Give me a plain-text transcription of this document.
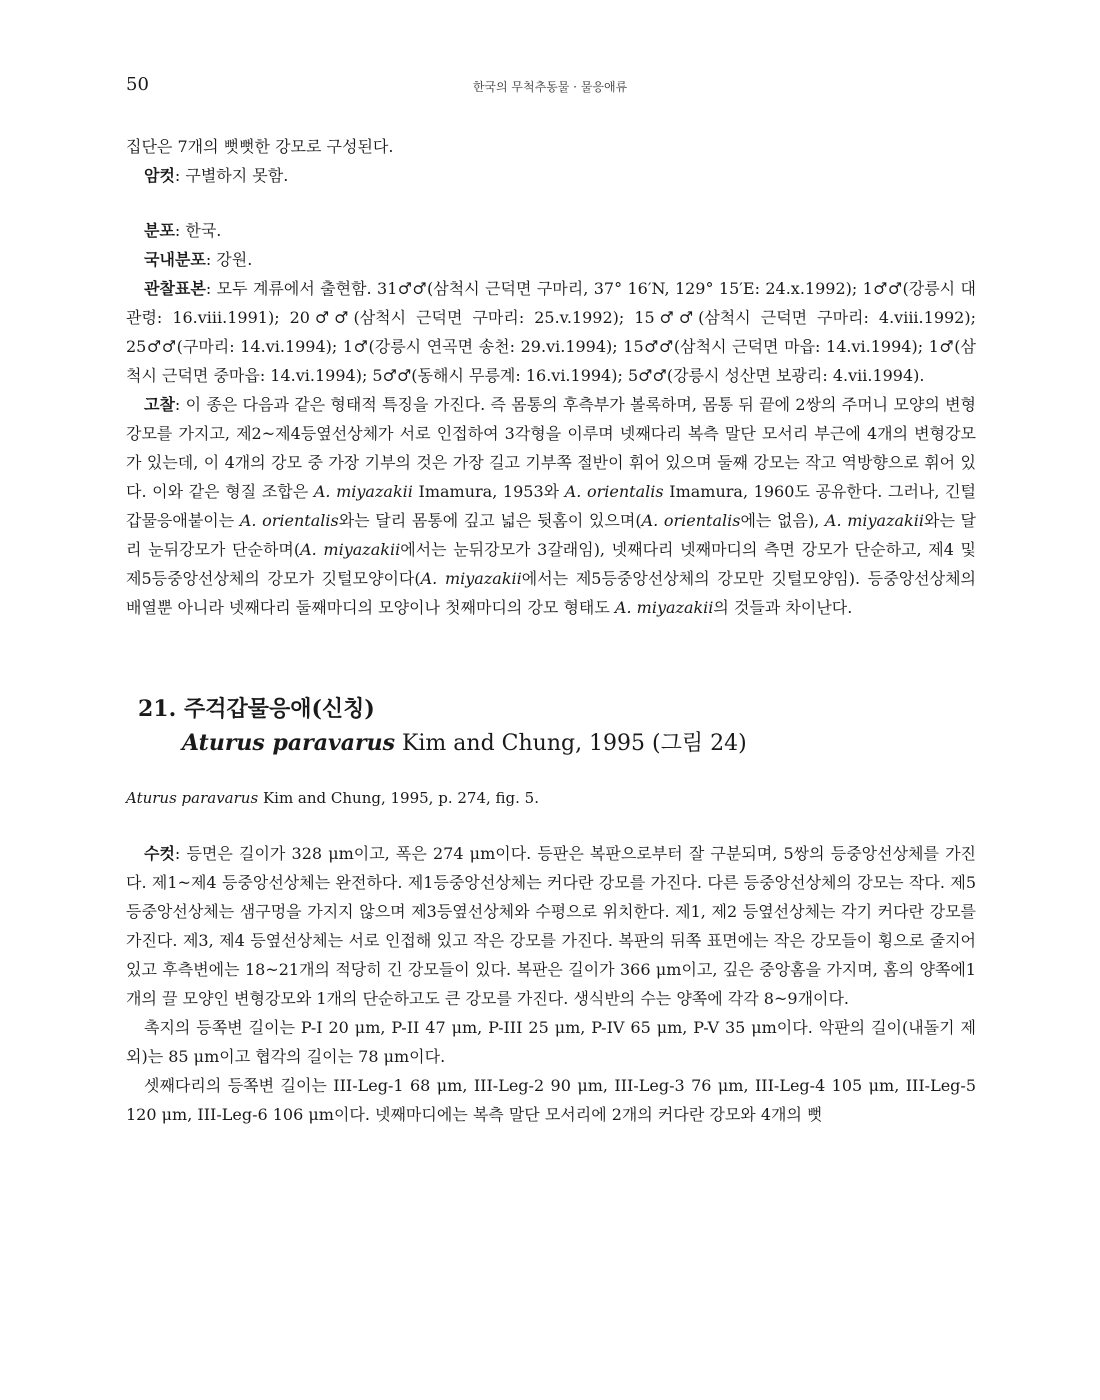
50	한국의 무척추동물 · 물응애류

집단은 7개의 뻣뻣한 강모로 구성된다.

암컷: 구별하지 못함.

분포: 한국.

국내분포: 강원.

관찰표본: 모두 계류에서 출현함. 31♂♂(삼척시 근덕면 구마리, 37° 16′N, 129° 15′E: 24.x.1992); 1♂♂(강릉시 대관령: 16.viii.1991); 20♂♂(삼척시 근덕면 구마리: 25.v.1992); 15♂♂(삼척시 근덕면 구마리: 4.viii.1992); 25♂♂(구마리: 14.vi.1994); 1♂(강릉시 연곡면 송천: 29.vi.1994); 15♂♂(삼척시 근덕면 마읍: 14.vi.1994); 1♂(삼척시 근덕면 중마읍: 14.vi.1994); 5♂♂(동해시 무릉계: 16.vi.1994); 5♂♂(강릉시 성산면 보광리: 4.vii.1994).

고찰: 이 종은 다음과 같은 형태적 특징을 가진다. 즉 몸통의 후측부가 볼록하며, 몸통 뒤 끝에 2쌍의 주머니 모양의 변형강모를 가지고, 제2~제4등옆선상체가 서로 인접하여 3각형을 이루며 넷째다리 복측 말단 모서리 부근에 4개의 변형강모가 있는데, 이 4개의 강모 중 가장 기부의 것은 가장 길고 기부쪽 절반이 휘어 있으며 둘째 강모는 작고 역방향으로 휘어 있다. 이와 같은 형질 조합은 A. miyazakii Imamura, 1953와 A. orientalis Imamura, 1960도 공유한다. 그러나, 긴털갑물응애붙이는 A. orientalis와는 달리 몸통에 깊고 넓은 뒷홈이 있으며(A. orientalis에는 없음), A. miyazakii와는 달리 눈뒤강모가 단순하며(A. miyazakii에서는 눈뒤강모가 3갈래임), 넷째다리 넷째마디의 측면 강모가 단순하고, 제4 및 제5등중앙선상체의 강모가 깃털모양이다(A. miyazakii에서는 제5등중앙선상체의 강모만 깃털모양임). 등중앙선상체의 배열뿐 아니라 넷째다리 둘째마디의 모양이나 첫째마디의 강모 형태도 A. miyazakii의 것들과 차이난다.

21. 주걱갑물응애(신칭)
Aturus paravarus Kim and Chung, 1995 (그림 24)

Aturus paravarus Kim and Chung, 1995, p. 274, fig. 5.

수컷: 등면은 길이가 328 μm이고, 폭은 274 μm이다. 등판은 복판으로부터 잘 구분되며, 5쌍의 등중앙선상체를 가진다. 제1~제4 등중앙선상체는 완전하다. 제1등중앙선상체는 커다란 강모를 가진다. 다른 등중앙선상체의 강모는 작다. 제5 등중앙선상체는 샘구멍을 가지지 않으며 제3등옆선상체와 수평으로 위치한다. 제1, 제2 등옆선상체는 각기 커다란 강모를 가진다. 제3, 제4 등옆선상체는 서로 인접해 있고 작은 강모를 가진다. 복판의 뒤쪽 표면에는 작은 강모들이 횡으로 줄지어 있고 후측변에는 18~21개의 적당히 긴 강모들이 있다. 복판은 길이가 366 μm이고, 깊은 중앙홈을 가지며, 홈의 양쪽에1개의 끌 모양인 변형강모와 1개의 단순하고도 큰 강모를 가진다. 생식반의 수는 양쪽에 각각 8~9개이다.

촉지의 등쪽변 길이는 P-I 20 μm, P-II 47 μm, P-III 25 μm, P-IV 65 μm, P-V 35 μm이다. 악판의 길이(내돌기 제외)는 85 μm이고 협각의 길이는 78 μm이다.

셋째다리의 등쪽변 길이는 III-Leg-1 68 μm, III-Leg-2 90 μm, III-Leg-3 76 μm, III-Leg-4 105 μm, III-Leg-5 120 μm, III-Leg-6 106 μm이다. 넷째마디에는 복측 말단 모서리에 2개의 커다란 강모와 4개의 뻣
